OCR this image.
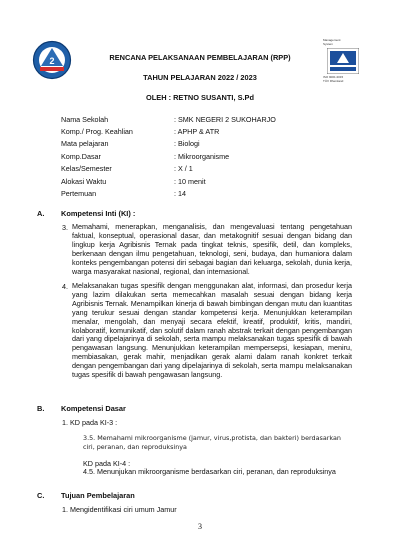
2
Management
System
ISO 9001:2015
TÜV Rheinland
RENCANA PELAKSANAAN PEMBELAJARAN (RPP)
TAHUN PELAJARAN 2022 / 2023
OLEH : RETNO SUSANTI, S.Pd
Nama Sekolah	: SMK NEGERI 2 SUKOHARJO
Komp./ Prog. Keahlian	: APHP & ATR
Mata pelajaran	: Biologi
Komp.Dasar	: Mikroorganisme
Kelas/Semester	: X / 1
Alokasi Waktu	: 10 menit
Pertemuan	: 14
A. Kompetensi Inti (KI) :
3. Memahami, menerapkan, menganalisis, dan mengevaluasi tentang pengetahuan faktual, konseptual, operasional dasar, dan metakognitif sesuai dengan bidang dan lingkup kerja Agribisnis Ternak pada tingkat teknis, spesifik, detil, dan kompleks, berkenaan dengan ilmu pengetahuan, teknologi, seni, budaya, dan humaniora dalam konteks pengembangan potensi diri sebagai bagian dari keluarga, sekolah, dunia kerja, warga masyarakat nasional, regional, dan internasional.
4. Melaksanakan tugas spesifik dengan menggunakan alat, informasi, dan prosedur kerja yang lazim dilakukan serta memecahkan masalah sesuai dengan bidang kerja Agribisnis Ternak. Menampilkan kinerja di bawah bimbingan dengan mutu dan kuantitas yang terukur sesuai dengan standar kompetensi kerja. Menunjukkan keterampilan menalar, mengolah, dan menyaji secara efektif, kreatif, produktif, kritis, mandiri, kolaboratif, komunikatif, dan solutif dalam ranah abstrak terkait dengan pengembangan dari yang dipelajarinya di sekolah, serta mampu melaksanakan tugas spesifik di bawah pengawasan langsung. Menunjukkan keterampilan mempersepsi, kesiapan, meniru, membiasakan, gerak mahir, menjadikan gerak alami dalam ranah konkret terkait dengan pengembangan dari yang dipelajarinya di sekolah, serta mampu melaksanakan tugas spesifik di bawah pengawasan langsung.
B. Kompetensi Dasar
1. KD pada KI-3 :
3.5. Memahami mikroorganisme (jamur, virus,protista, dan bakteri) berdasarkan ciri, peranan, dan reproduksinya
KD pada KI-4 :
4.5. Menunjukan mikroorganisme berdasarkan ciri, peranan, dan reproduksinya
C. Tujuan Pembelajaran
1. Mengidentifikasi ciri umum Jamur
3
